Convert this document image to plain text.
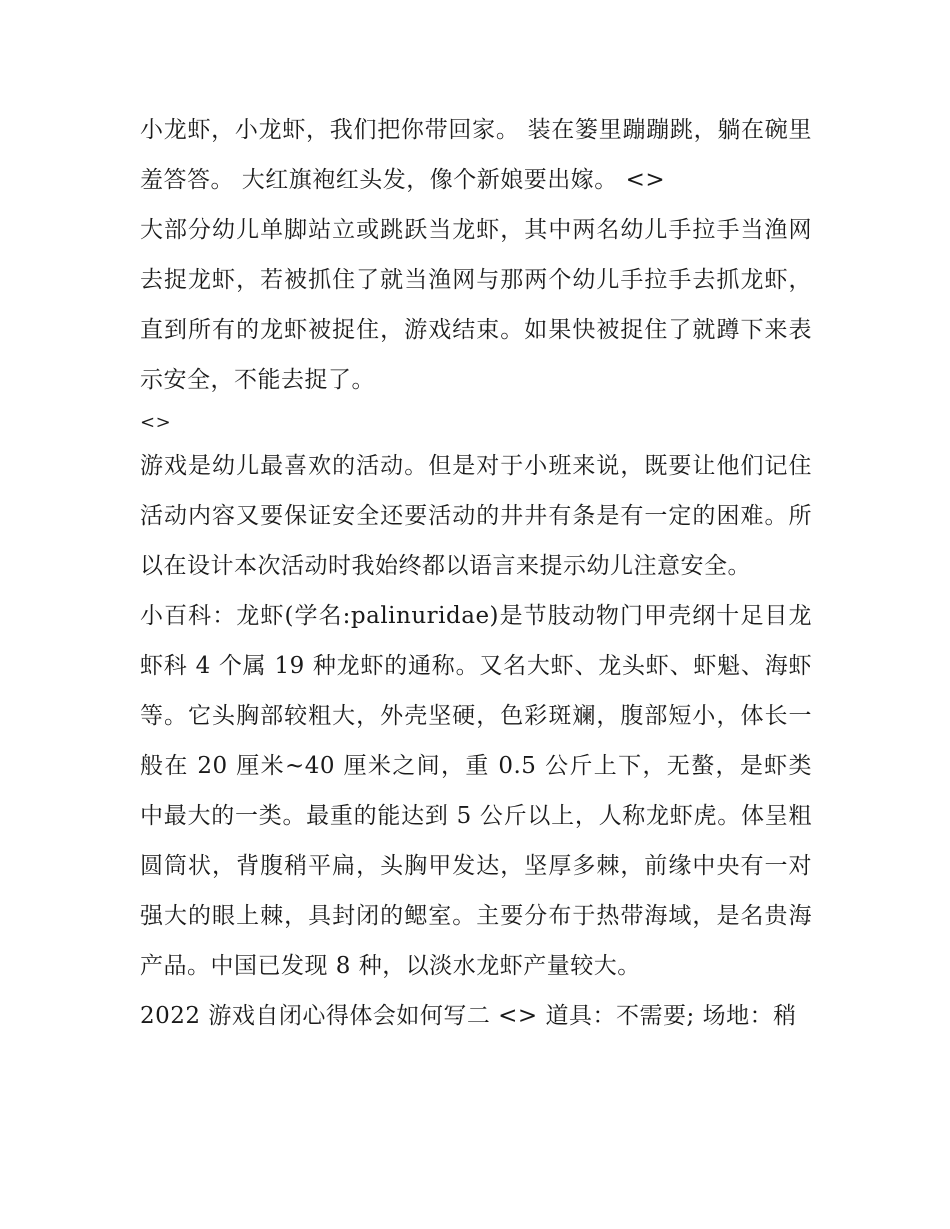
小龙虾，小龙虾，我们把你带回家。 装在篓里蹦蹦跳，躺在碗里羞答答。 大红旗袍红头发，像个新娘要出嫁。 <>

大部分幼儿单脚站立或跳跃当龙虾，其中两名幼儿手拉手当渔网去捉龙虾，若被抓住了就当渔网与那两个幼儿手拉手去抓龙虾，直到所有的龙虾被捉住，游戏结束。如果快被捉住了就蹲下来表示安全，不能去捉了。

<>

游戏是幼儿最喜欢的活动。但是对于小班来说，既要让他们记住活动内容又要保证安全还要活动的井井有条是有一定的困难。所以在设计本次活动时我始终都以语言来提示幼儿注意安全。

小百科：龙虾(学名:palinuridae)是节肢动物门甲壳纲十足目龙虾科 4 个属 19 种龙虾的通称。又名大虾、龙头虾、虾魁、海虾等。它头胸部较粗大，外壳坚硬，色彩斑斓，腹部短小，体长一般在 20 厘米~40 厘米之间，重 0.5 公斤上下，无螯，是虾类中最大的一类。最重的能达到 5 公斤以上，人称龙虾虎。体呈粗圆筒状，背腹稍平扁，头胸甲发达，坚厚多棘，前缘中央有一对强大的眼上棘，具封闭的鳃室。主要分布于热带海域，是名贵海产品。中国已发现 8 种，以淡水龙虾产量较大。

2022 游戏自闭心得体会如何写二 <> 道具：不需要; 场地：稍
